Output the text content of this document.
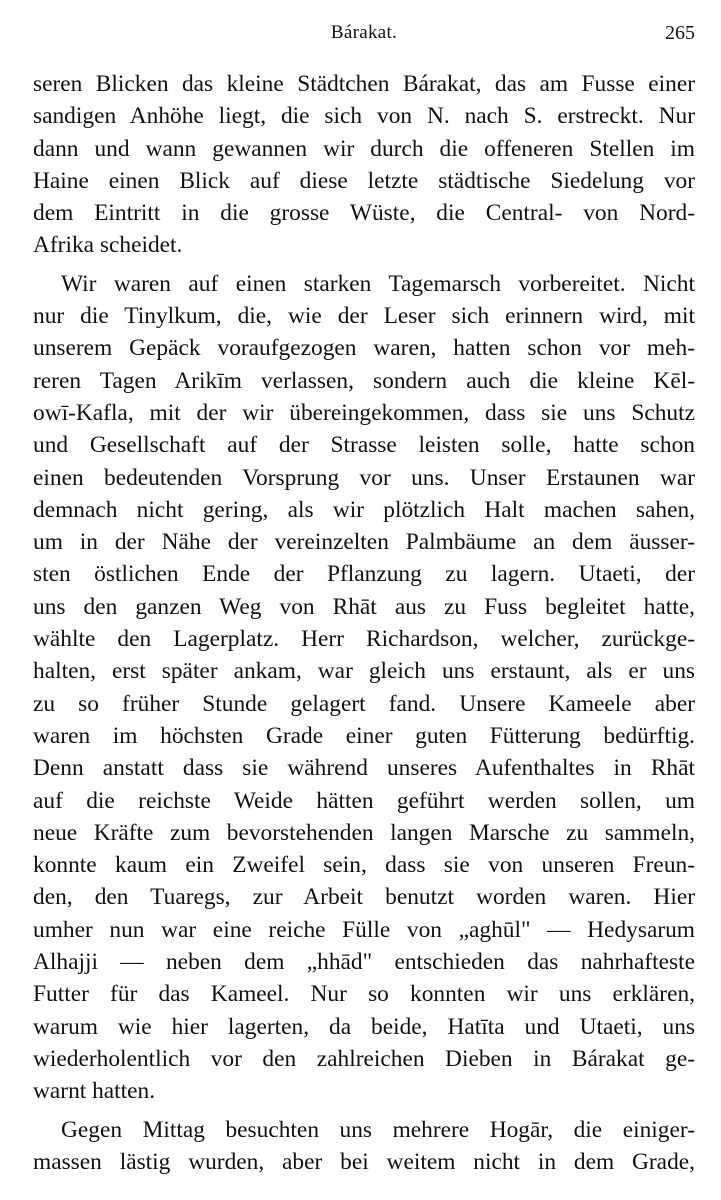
Bárakat.	265
seren Blicken das kleine Städtchen Bárakat, das am Fusse einer
sandigen Anhöhe liegt, die sich von N. nach S. erstreckt. Nur
dann und wann gewannen wir durch die offeneren Stellen im
Haine einen Blick auf diese letzte städtische Siedelung vor
dem Eintritt in die grosse Wüste, die Central- von Nord-
Afrika scheidet.
Wir waren auf einen starken Tagemarsch vorbereitet. Nicht
nur die Tinylkum, die, wie der Leser sich erinnern wird, mit
unserem Gepäck voraufgezogen waren, hatten schon vor meh-
reren Tagen Arikīm verlassen, sondern auch die kleine Kēl-
owī-Kafla, mit der wir übereingekommen, dass sie uns Schutz
und Gesellschaft auf der Strasse leisten solle, hatte schon
einen bedeutenden Vorsprung vor uns. Unser Erstaunen war
demnach nicht gering, als wir plötzlich Halt machen sahen,
um in der Nähe der vereinzelten Palmbäume an dem äusser-
sten östlichen Ende der Pflanzung zu lagern. Utaeti, der
uns den ganzen Weg von Rhāt aus zu Fuss begleitet hatte,
wählte den Lagerplatz. Herr Richardson, welcher, zurückge-
halten, erst später ankam, war gleich uns erstaunt, als er uns
zu so früher Stunde gelagert fand. Unsere Kameele aber
waren im höchsten Grade einer guten Fütterung bedürftig.
Denn anstatt dass sie während unseres Aufenthaltes in Rhāt
auf die reichste Weide hätten geführt werden sollen, um
neue Kräfte zum bevorstehenden langen Marsche zu sammeln,
konnte kaum ein Zweifel sein, dass sie von unseren Freun-
den, den Tuaregs, zur Arbeit benutzt worden waren. Hier
umher nun war eine reiche Fülle von „aghūl" — Hedysarum
Alhajji — neben dem „hhād" entschieden das nahrhafteste
Futter für das Kameel. Nur so konnten wir uns erklären,
warum wie hier lagerten, da beide, Hatīta und Utaeti, uns
wiederholentlich vor den zahlreichen Dieben in Bárakat ge-
warnt hatten.
Gegen Mittag besuchten uns mehrere Hogār, die einiger-
massen lästig wurden, aber bei weitem nicht in dem Grade,
